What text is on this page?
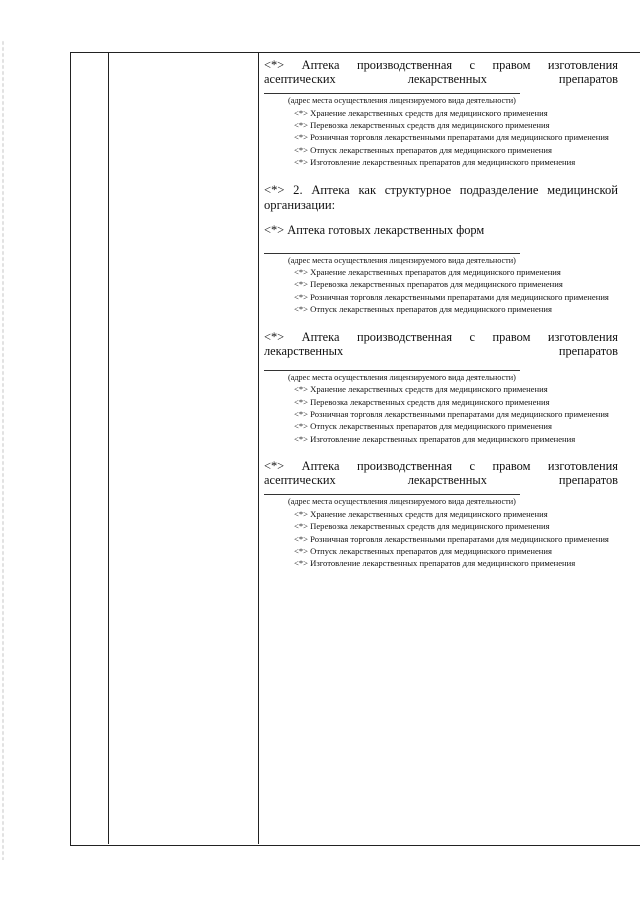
<*> Аптека производственная с правом изготовления
асептических лекарственных препаратов
(адрес места осуществления лицензируемого вида деятельности)
<*> Хранение лекарственных средств для медицинского применения
<*> Перевозка лекарственных средств для медицинского применения
<*> Розничная торговля лекарственными препаратами для медицинского применения
<*> Отпуск лекарственных препаратов для медицинского применения
<*> Изготовление лекарственных препаратов для медицинского применения
<*> 2. Аптека как структурное подразделение медицинской организации:
<*> Аптека готовых лекарственных форм
(адрес места осуществления лицензируемого вида деятельности)
<*> Хранение лекарственных препаратов для медицинского применения
<*> Перевозка лекарственных препаратов для медицинского применения
<*> Розничная торговля лекарственными препаратами для медицинского применения
<*> Отпуск лекарственных препаратов для медицинского применения
<*> Аптека производственная с правом изготовления
лекарственных препаратов
(адрес места осуществления лицензируемого вида деятельности)
<*> Хранение лекарственных средств для медицинского применения
<*> Перевозка лекарственных средств для медицинского применения
<*> Розничная торговля лекарственными препаратами для медицинского применения
<*> Отпуск лекарственных препаратов для медицинского применения
<*> Изготовление лекарственных препаратов для медицинского применения
<*> Аптека производственная с правом изготовления
асептических лекарственных препаратов
(адрес места осуществления лицензируемого вида деятельности)
<*> Хранение лекарственных средств для медицинского применения
<*> Перевозка лекарственных средств для медицинского применения
<*> Розничная торговля лекарственными препаратами для медицинского применения
<*> Отпуск лекарственных препаратов для медицинского применения
<*> Изготовление лекарственных препаратов для медицинского применения
